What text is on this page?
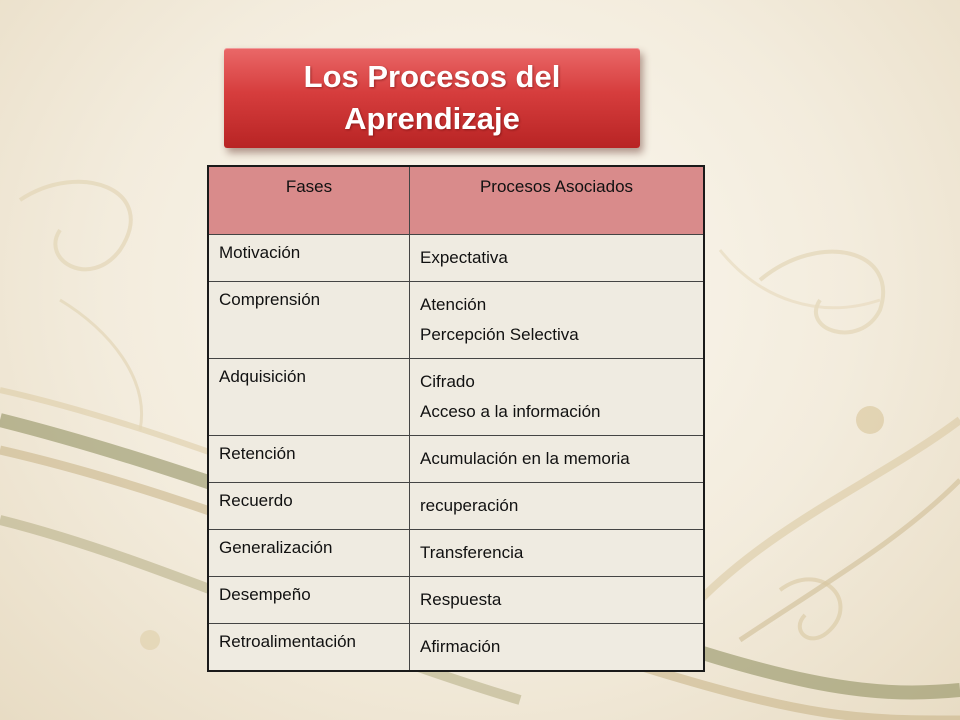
Los Procesos del
Aprendizaje
Fases	Procesos Asociados
Motivación	Expectativa

Comprensión	Atención
Percepción Selectiva

Adquisición	Cifrado
Acceso a la información

Retención	Acumulación en la memoria

Recuerdo	recuperación

Generalización	Transferencia

Desempeño	Respuesta

Retroalimentación	Afirmación
